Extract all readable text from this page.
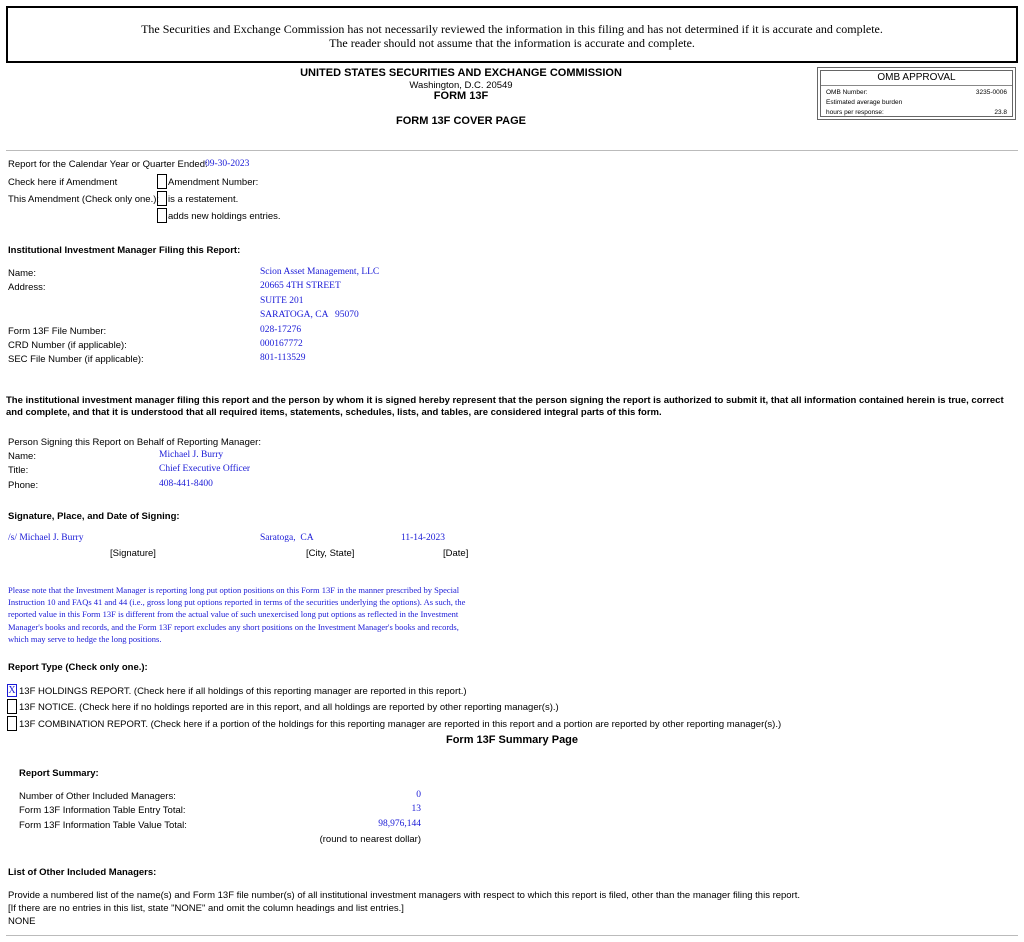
The Securities and Exchange Commission has not necessarily reviewed the information in this filing and has not determined if it is accurate and complete.
The reader should not assume that the information is accurate and complete.
UNITED STATES SECURITIES AND EXCHANGE COMMISSION
Washington, D.C. 20549
FORM 13F
FORM 13F COVER PAGE
OMB APPROVAL
OMB Number:	3235-0006
Estimated average burden
hours per response:	23.8
Report for the Calendar Year or Quarter Ended:
09-30-2023
Check here if Amendment	Amendment Number:
This Amendment (Check only one.): is a restatement.
adds new holdings entries.
Institutional Investment Manager Filing this Report:
Name:	Scion Asset Management, LLC
Address:	20665 4TH STREET
SUITE 201
SARATOGA, CA   95070
Form 13F File Number:	028-17276
CRD Number (if applicable):	000167772
SEC File Number (if applicable):	801-113529
The institutional investment manager filing this report and the person by whom it is signed hereby represent that the person signing the report is authorized to submit it, that all information contained herein is true, correct and complete, and that it is understood that all required items, statements, schedules, lists, and tables, are considered integral parts of this form.
Person Signing this Report on Behalf of Reporting Manager:
Name:	Michael J. Burry
Title:	Chief Executive Officer
Phone:	408-441-8400
Signature, Place, and Date of Signing:
/s/ Michael J. Burry	Saratoga,  CA	11-14-2023
[Signature]	[City, State]	[Date]
Please note that the Investment Manager is reporting long put option positions on this Form 13F in the manner prescribed by Special
Instruction 10 and FAQs 41 and 44 (i.e., gross long put options reported in terms of the securities underlying the options). As such, the
reported value in this Form 13F is different from the actual value of such unexercised long put options as reflected in the Investment
Manager's books and records, and the Form 13F report excludes any short positions on the Investment Manager's books and records,
which may serve to hedge the long positions.
Report Type (Check only one.):
X 13F HOLDINGS REPORT. (Check here if all holdings of this reporting manager are reported in this report.)
13F NOTICE. (Check here if no holdings reported are in this report, and all holdings are reported by other reporting manager(s).)
13F COMBINATION REPORT. (Check here if a portion of the holdings for this reporting manager are reported in this report and a portion are reported by other reporting manager(s).)
Form 13F Summary Page
Report Summary:
Number of Other Included Managers:	0
Form 13F Information Table Entry Total:	13
Form 13F Information Table Value Total:	98,976,144
(round to nearest dollar)
List of Other Included Managers:
Provide a numbered list of the name(s) and Form 13F file number(s) of all institutional investment managers with respect to which this report is filed, other than the manager filing this report.
[If there are no entries in this list, state "NONE" and omit the column headings and list entries.]
NONE
